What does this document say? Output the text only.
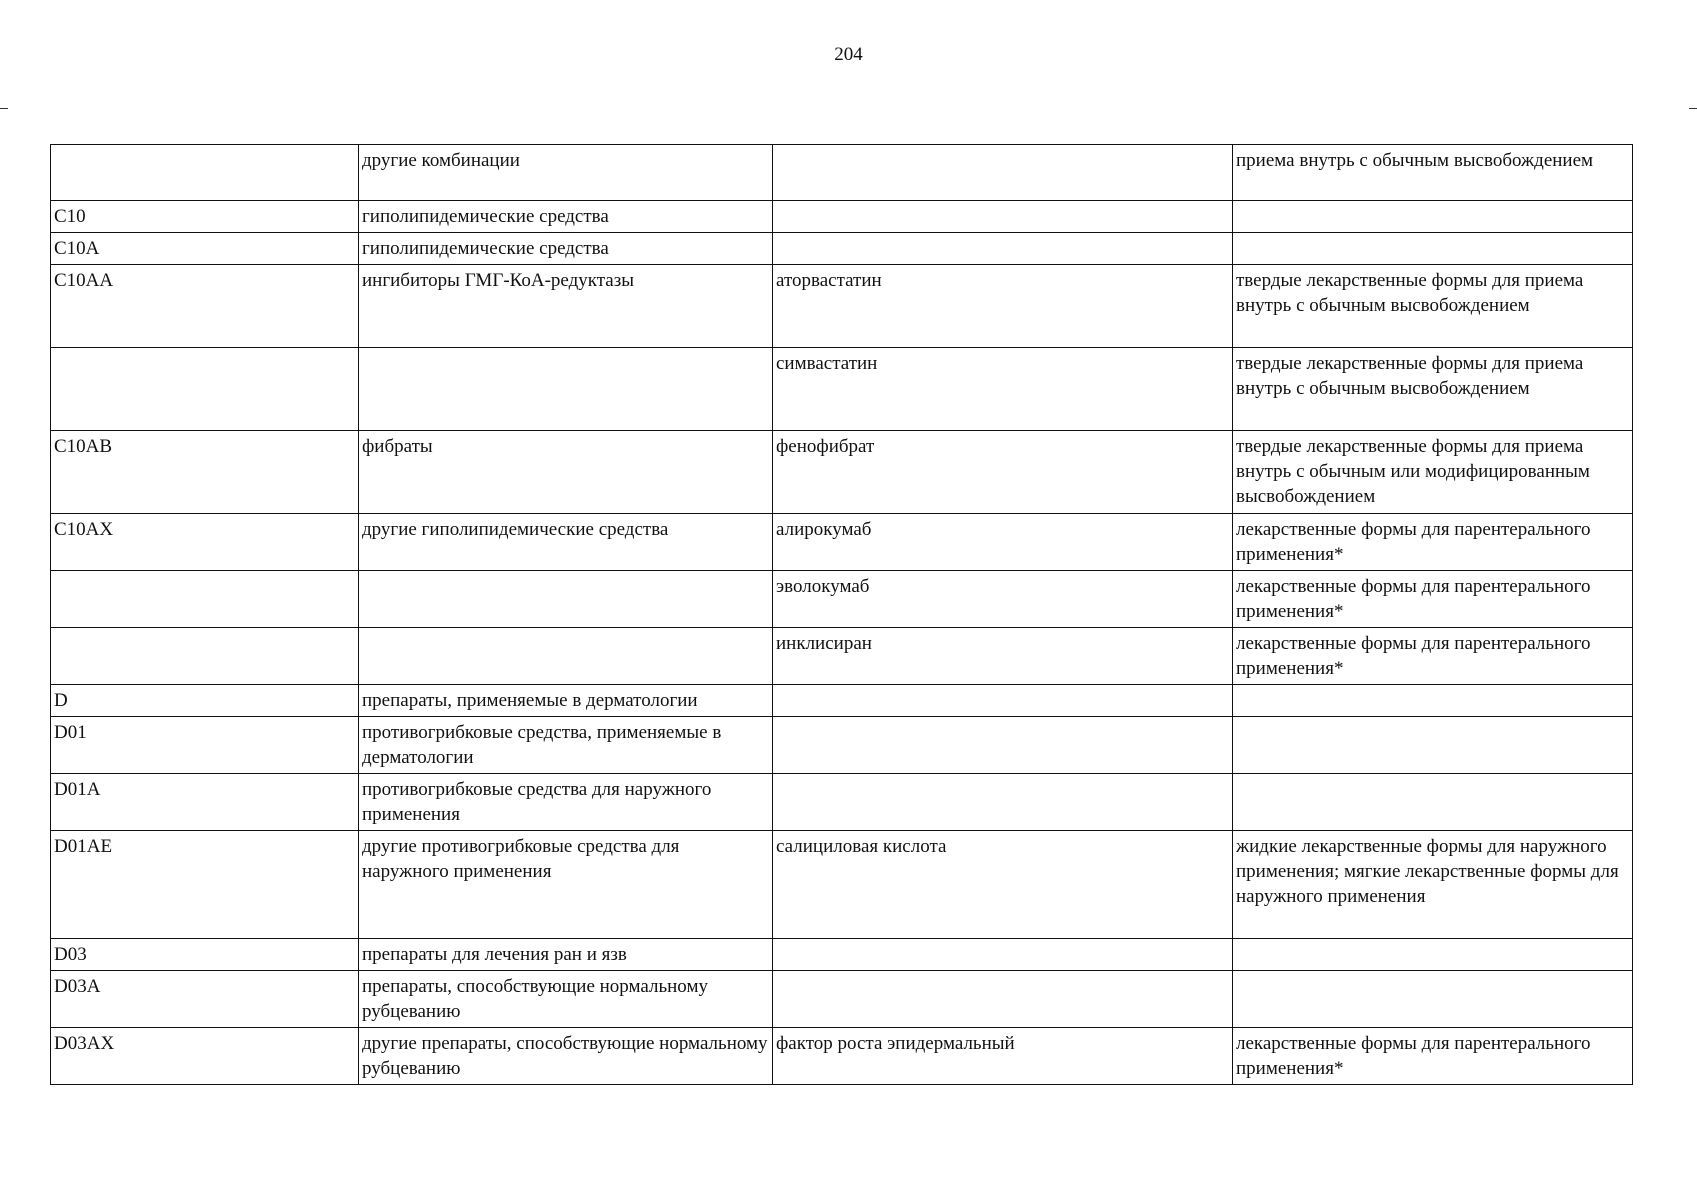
204
	другие комбинации		приема внутрь с обычным высвобождением
C10	гиполипидемические средства		
C10A	гиполипидемические средства		
C10AA	ингибиторы ГМГ-КоА-редуктазы	аторвастатин	твердые лекарственные формы для приема внутрь с обычным высвобождением
		симвастатин	твердые лекарственные формы для приема внутрь с обычным высвобождением
C10AB	фибраты	фенофибрат	твердые лекарственные формы для приема внутрь с обычным или модифицированным высвобождением
C10AX	другие гиполипидемические средства	алирокумаб	лекарственные формы для парентерального применения*
		эволокумаб	лекарственные формы для парентерального применения*
		инклисиран	лекарственные формы для парентерального применения*
D	препараты, применяемые в дерматологии		
D01	противогрибковые средства, применяемые в дерматологии		
D01A	противогрибковые средства для наружного применения		
D01AE	другие противогрибковые средства для наружного применения	салициловая кислота	жидкие лекарственные формы для наружного применения; мягкие лекарственные формы для наружного применения
D03	препараты для лечения ран и язв		
D03A	препараты, способствующие нормальному рубцеванию		
D03AX	другие препараты, способствующие нормальному рубцеванию	фактор роста эпидермальный	лекарственные формы для парентерального применения*
